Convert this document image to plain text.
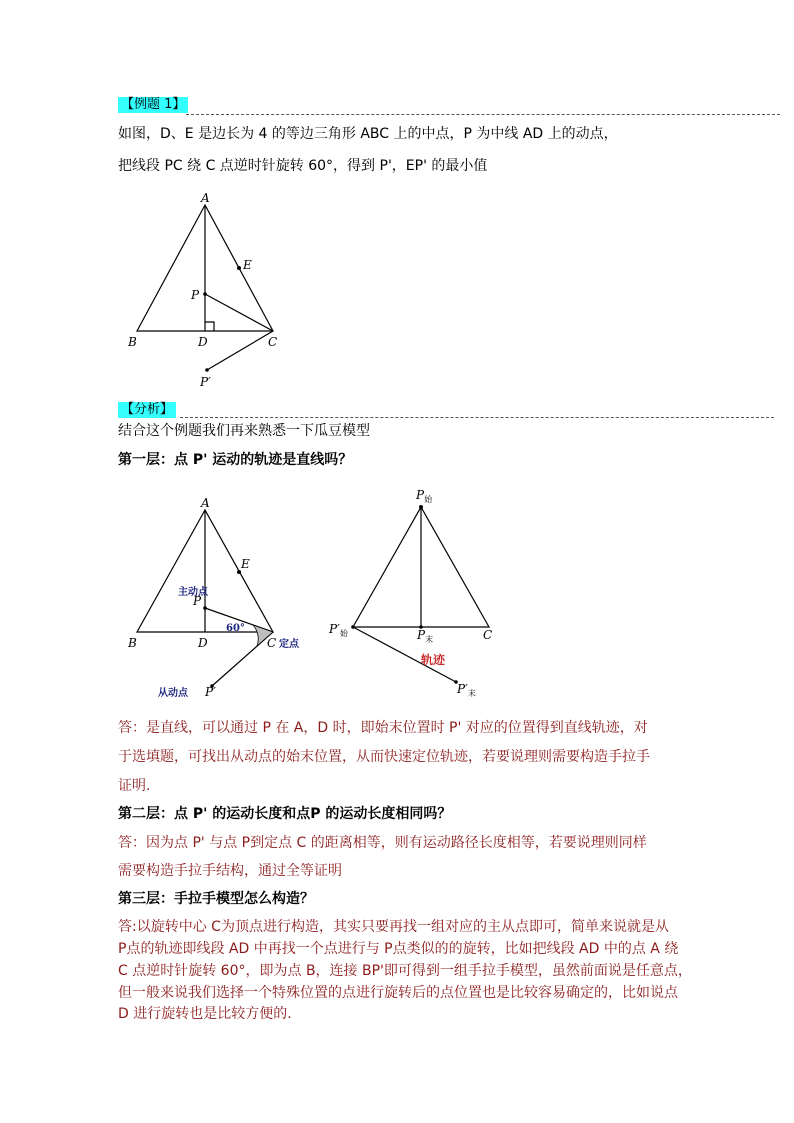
【例题 1】
如图，D、E 是边长为 4 的等边三角形 ABC 上的中点，P 为中线 AD 上的动点，
把线段 PC 绕 C 点逆时针旋转 60°，得到 P'，EP' 的最小值
A
E
P
B	D	C
P′
【分析】
结合这个例题我们再来熟悉一下瓜豆模型
第一层：点 P' 运动的轨迹是直线吗？
A
E
主动点
P
60°
B	D	C 定点
从动点 P′
$P_始$
$P'_始$	$P_末$	C
轨迹
$P'_末$
答：是直线，可以通过 P 在 A，D 时，即始末位置时 P' 对应的位置得到直线轨迹，对
于选填题，可找出从动点的始末位置，从而快速定位轨迹，若要说理则需要构造手拉手
证明.
第二层：点 P' 的运动长度和点P 的运动长度相同吗？
答：因为点 P' 与点 P到定点 C 的距离相等，则有运动路径长度相等，若要说理则同样
需要构造手拉手结构，通过全等证明
第三层：手拉手模型怎么构造？
答:以旋转中心 C为顶点进行构造，其实只要再找一组对应的主从点即可，简单来说就是从
P点的轨迹即线段 AD 中再找一个点进行与 P点类似的的旋转，比如把线段 AD 中的点 A 绕
C 点逆时针旋转 60°，即为点 B，连接 BP'即可得到一组手拉手模型，虽然前面说是任意点，
但一般来说我们选择一个特殊位置的点进行旋转后的点位置也是比较容易确定的，比如说点
D 进行旋转也是比较方便的.
